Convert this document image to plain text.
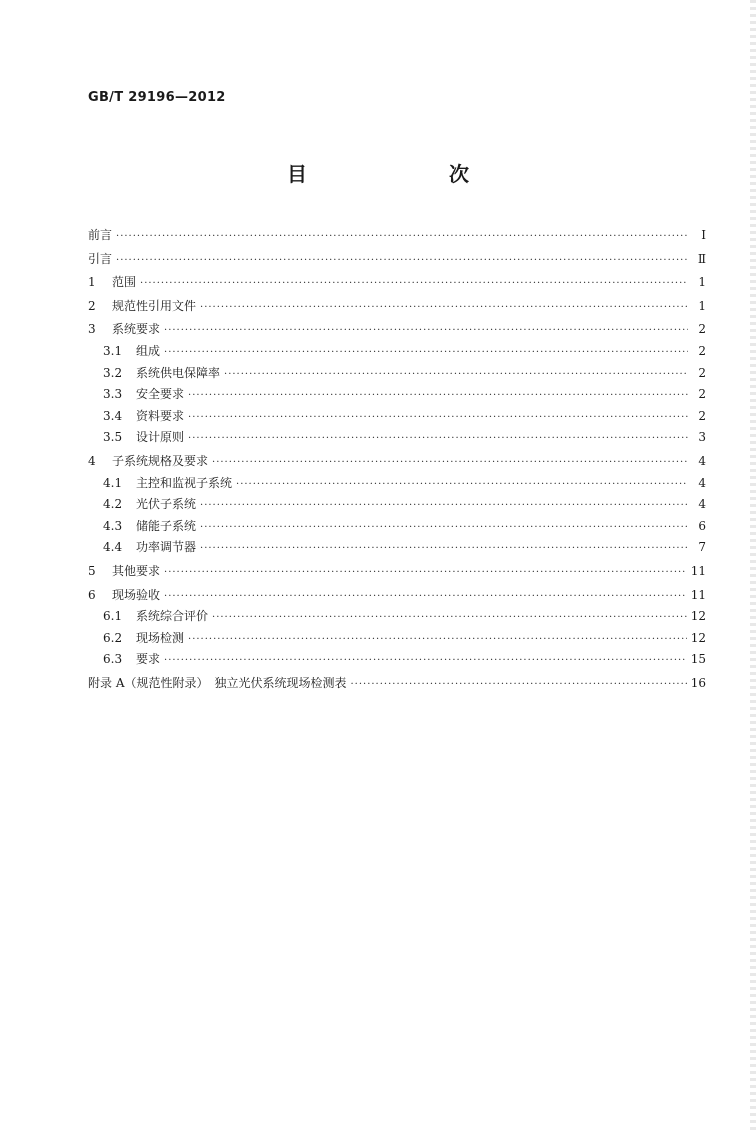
GB/T 29196—2012
目　　次
前言 ·····	Ⅰ
引言 ·····	Ⅱ
1	范围 ·····	1
2	规范性引用文件 ·····	1
3	系统要求 ·····	2
3.1	组成 ·····	2
3.2	系统供电保障率 ·····	2
3.3	安全要求 ·····	2
3.4	资料要求 ·····	2
3.5	设计原则 ·····	3
4	子系统规格及要求 ·····	4
4.1	主控和监视子系统 ·····	4
4.2	光伏子系统 ·····	4
4.3	储能子系统 ·····	6
4.4	功率调节器 ·····	7
5	其他要求 ·····	11
6	现场验收 ·····	11
6.1	系统综合评价 ·····	12
6.2	现场检测 ·····	12
6.3	要求 ·····	15
附录 A（规范性附录）　独立光伏系统现场检测表 ·····	16
